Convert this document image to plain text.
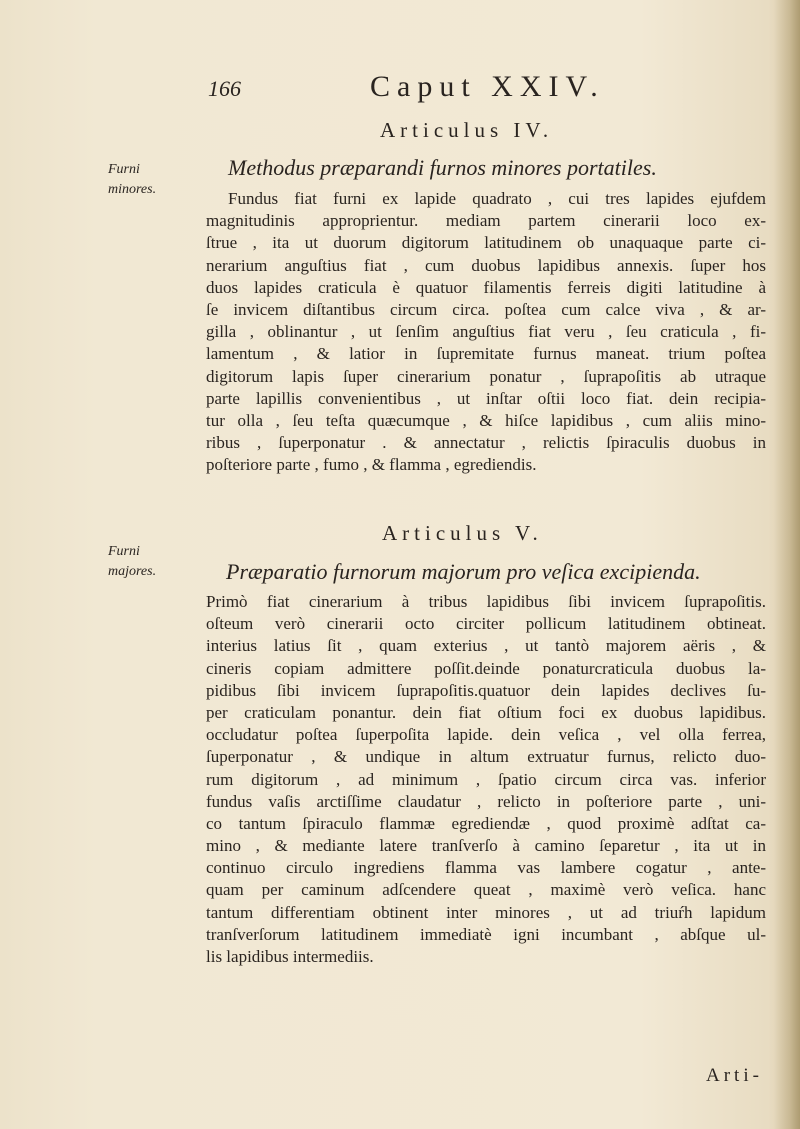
166	Caput XXIV.
Articulus IV.
Methodus præparandi furnos minores portatiles.
Furni
minores.	Fundus fiat furni ex lapide quadrato , cui tres lapides ejufdem
magnitudinis approprientur. mediam partem cinerarii loco ex-
ſtrue , ita ut duorum digitorum latitudinem ob unaquaque parte ci-
nerarium anguſtius fiat , cum duobus lapidibus annexis. ſuper hos
duos lapides craticula è quatuor filamentis ferreis digiti latitudine à
ſe invicem diſtantibus circum circa. poſtea cum calce viva , & ar-
gilla , oblinantur , ut ſenſim anguſtius fiat veru , ſeu craticula , fi-
lamentum , & latior in ſupremitate furnus maneat. trium poſtea
digitorum lapis ſuper cinerarium ponatur , ſuprapoſitis ab utraque
parte lapillis convenientibus , ut inſtar oſtii loco fiat. dein recipia-
tur olla , ſeu teſta quæcumque , & hiſce lapidibus , cum aliis mino-
ribus , ſuperponatur . & annectatur , relictis ſpiraculis duobus in
poſteriore parte , fumo , & flamma , egrediendis.
Articulus V.
Præparatio furnorum majorum pro veſica excipienda.
Furni
majores.
Primò fiat cinerarium à tribus lapidibus ſibi invicem ſuprapoſitis.
oſteum verò cinerarii octo circiter pollicum latitudinem obtineat.
interius latius ſit , quam exterius , ut tantò majorem aëris , &
cineris copiam admittere poſſit.deinde ponaturcraticula duobus la-
pidibus ſibi invicem ſuprapoſitis.quatuor dein lapides declives ſu-
per craticulam ponantur. dein fiat oſtium foci ex duobus lapidibus.
occludatur poſtea ſuperpoſita lapide. dein veſica , vel olla ferrea,
ſuperponatur , & undique in altum extruatur furnus, relicto duo-
rum digitorum , ad minimum , ſpatio circum circa vas. inferior
fundus vaſis arctiſſime claudatur , relicto in poſteriore parte , uni-
co tantum ſpiraculo flammæ egrediendæ , quod proximè adſtat ca-
mino , & mediante latere tranſverſo à camino ſeparetur , ita ut in
continuo circulo ingrediens flamma vas lambere cogatur , ante-
quam per caminum adſcendere queat , maximè verò veſica. hanc
tantum differentiam obtinent inter minores , ut ad triuŕh lapidum
tranſverſorum latitudinem immediatè igni incumbant , abſque ul-
lis lapidibus intermediis.
Arti-
